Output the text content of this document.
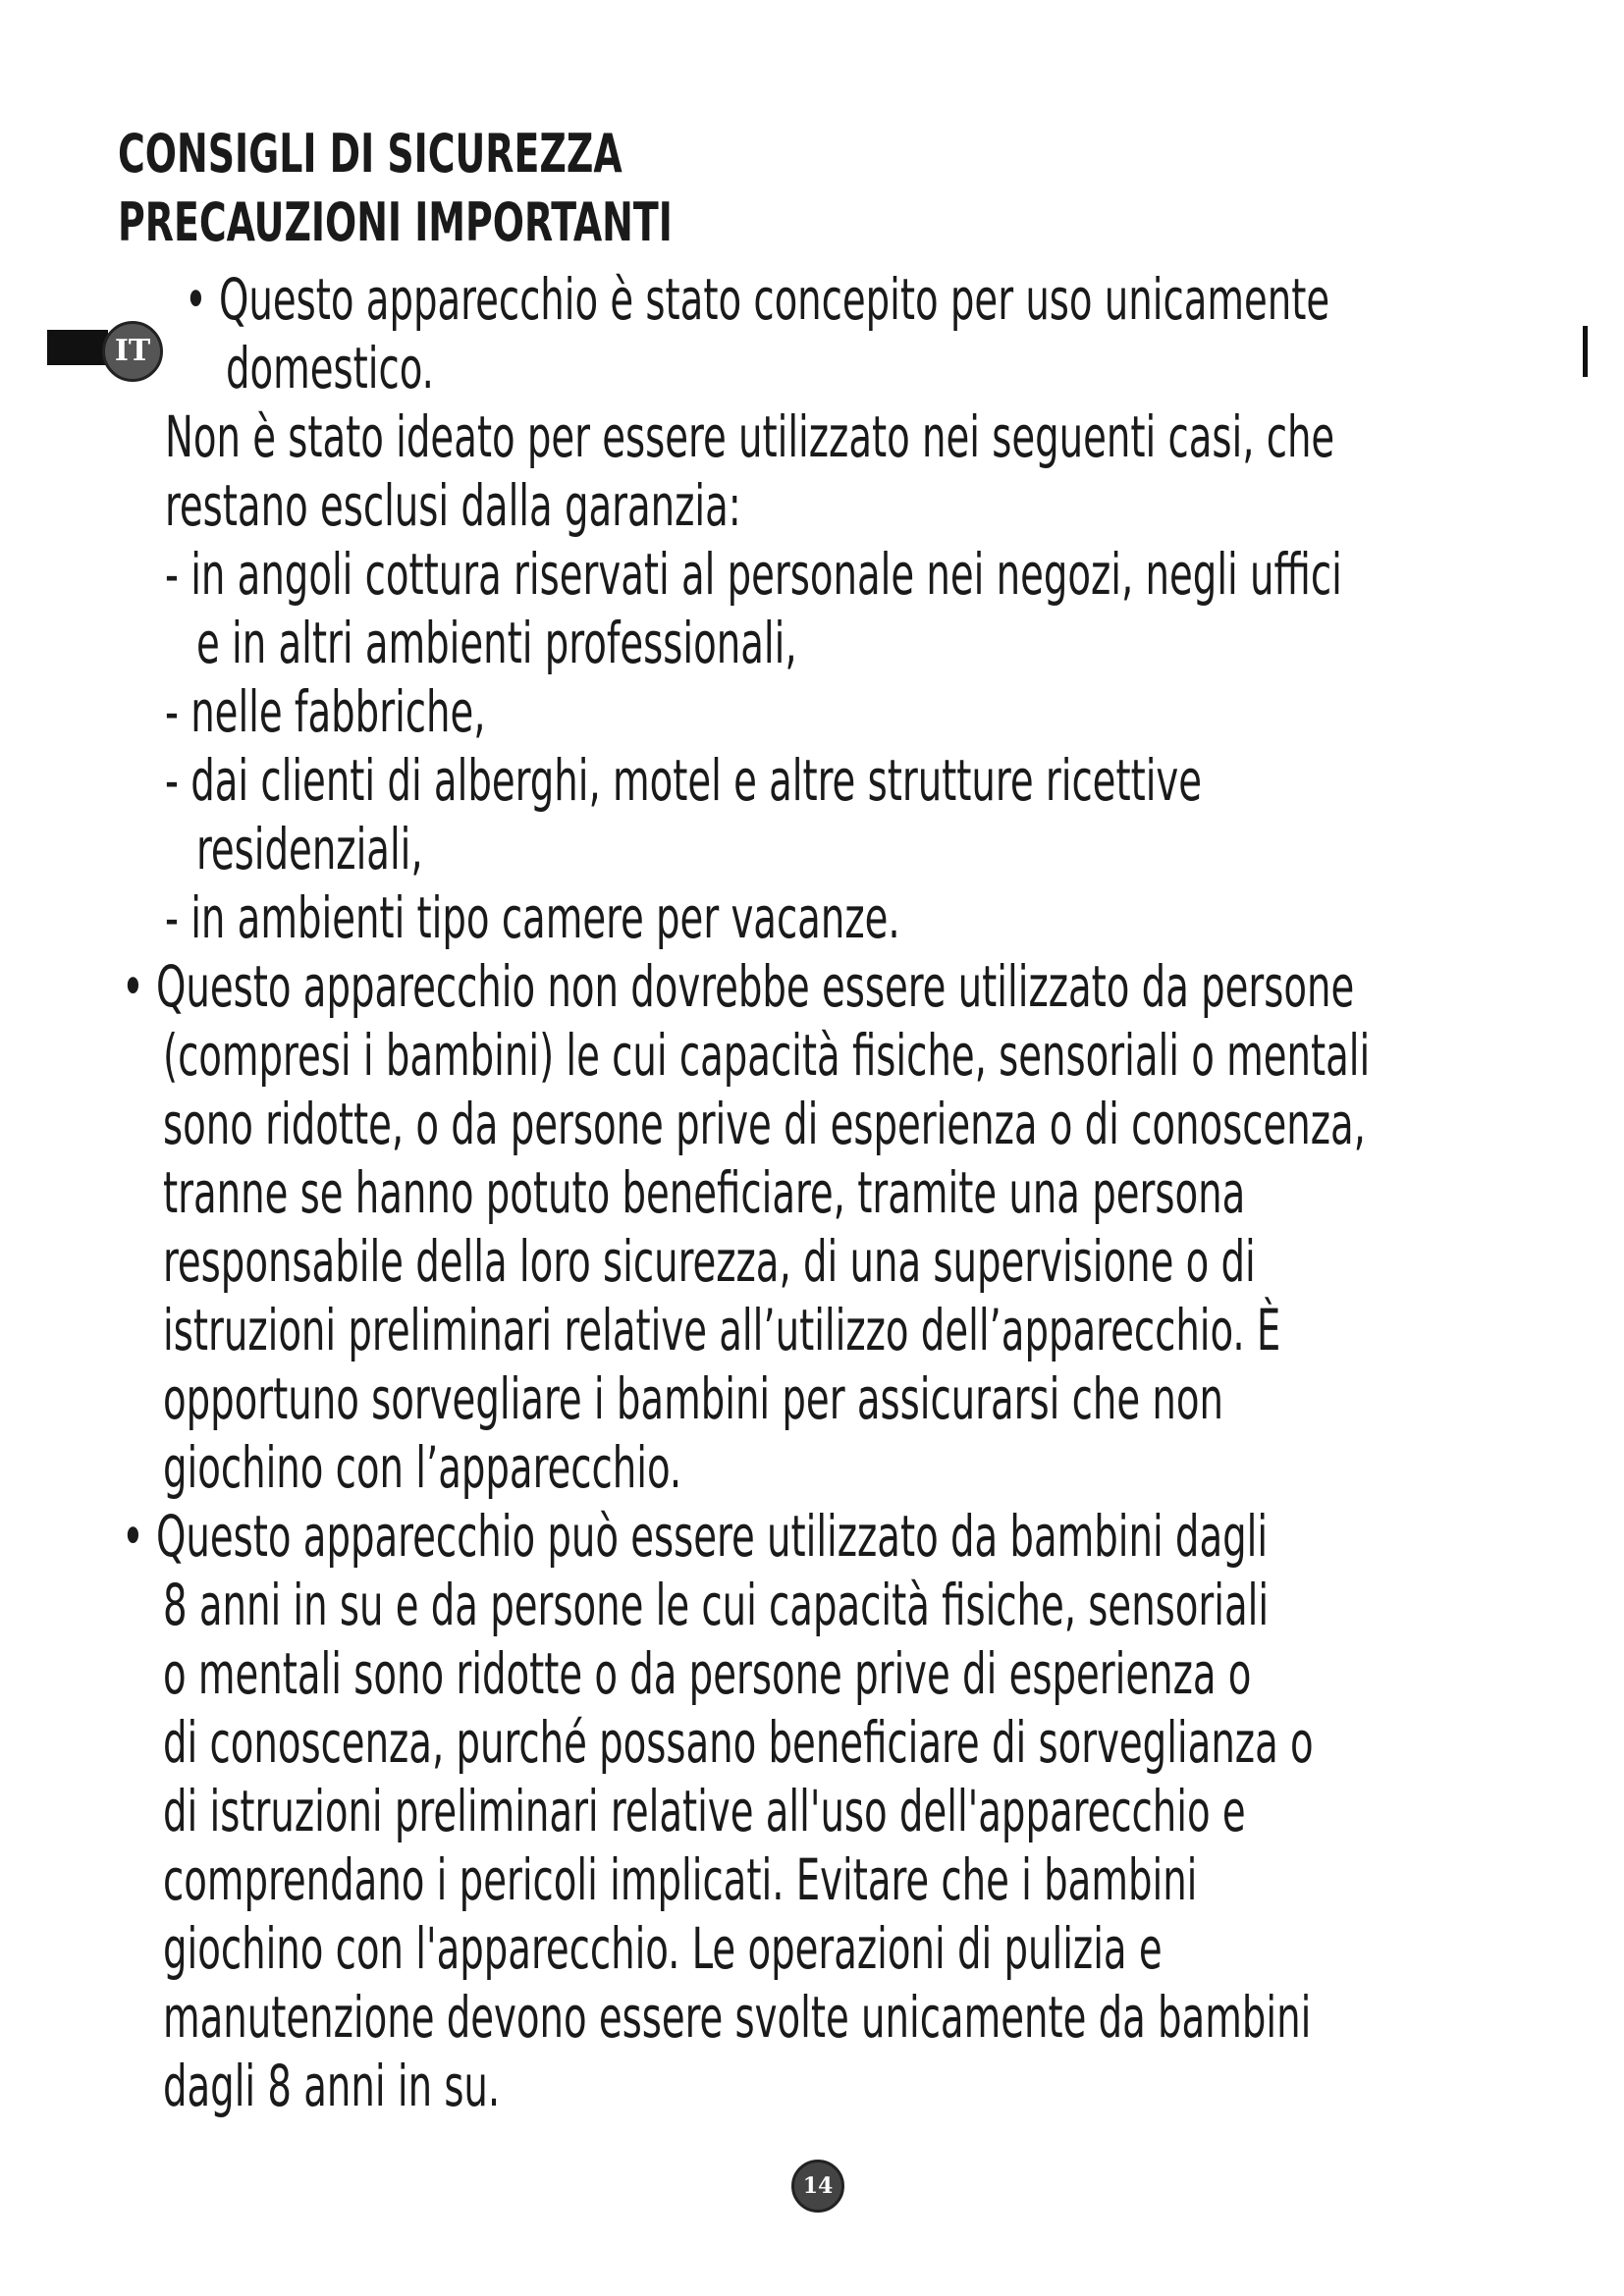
CONSIGLI DI SICUREZZA
PRECAUZIONI IMPORTANTI
IT
• Questo apparecchio è stato concepito per uso unicamente
domestico.
Non è stato ideato per essere utilizzato nei seguenti casi, che
restano esclusi dalla garanzia:
- in angoli cottura riservati al personale nei negozi, negli uffici
e in altri ambienti professionali,
- nelle fabbriche,
- dai clienti di alberghi, motel e altre strutture ricettive
residenziali,
- in ambienti tipo camere per vacanze.
• Questo apparecchio non dovrebbe essere utilizzato da persone
(compresi i bambini) le cui capacità fisiche, sensoriali o mentali
sono ridotte, o da persone prive di esperienza o di conoscenza,
tranne se hanno potuto beneficiare, tramite una persona
responsabile della loro sicurezza, di una supervisione o di
istruzioni preliminari relative all’utilizzo dell’apparecchio. È
opportuno sorvegliare i bambini per assicurarsi che non
giochino con l’apparecchio.
• Questo apparecchio può essere utilizzato da bambini dagli
8 anni in su e da persone le cui capacità fisiche, sensoriali
o mentali sono ridotte o da persone prive di esperienza o
di conoscenza, purché possano beneficiare di sorveglianza o
di istruzioni preliminari relative all'uso dell'apparecchio e
comprendano i pericoli implicati. Evitare che i bambini
giochino con l'apparecchio. Le operazioni di pulizia e
manutenzione devono essere svolte unicamente da bambini
dagli 8 anni in su.
14
